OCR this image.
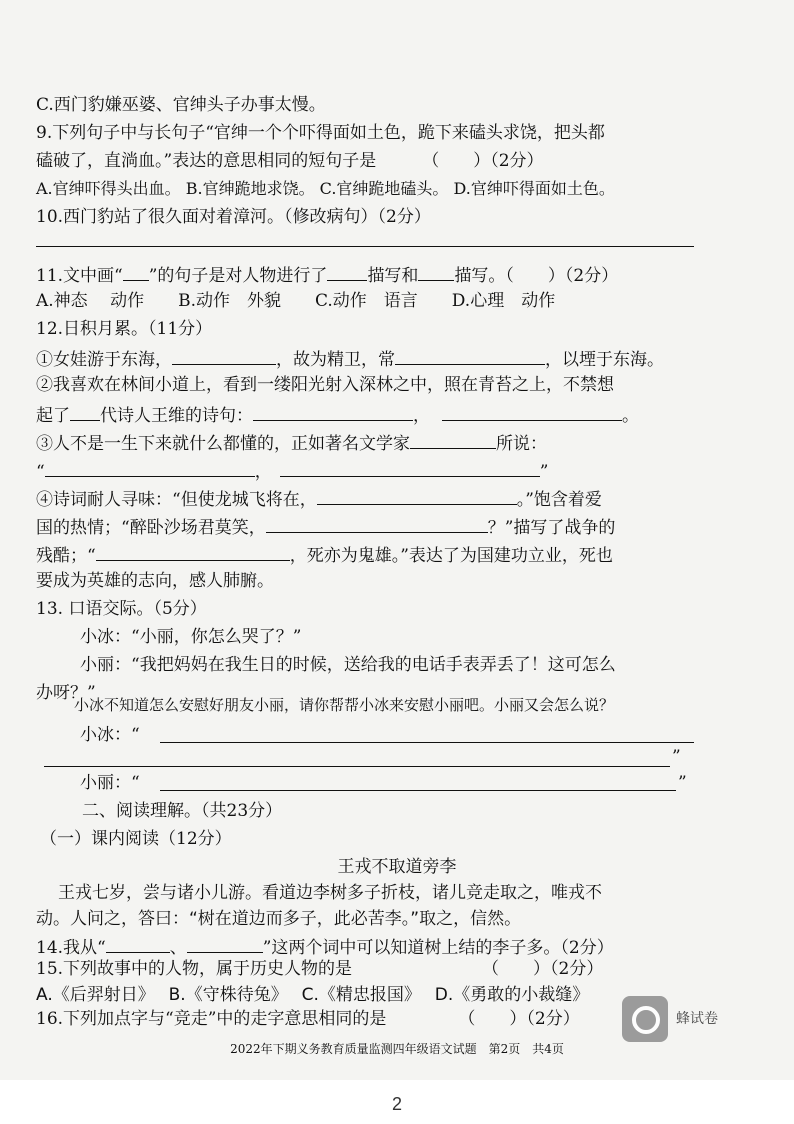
C.西门豹嫌巫婆、官绅头子办事太慢。
9.下列句子中与长句子“官绅一个个吓得面如土色，跪下来磕头求饶，把头都
磕破了，直淌血。”表达的意思相同的短句子是	（　　）（2分）
A.官绅吓得头出血。 B.官绅跪地求饶。 C.官绅跪地磕头。 D.官绅吓得面如土色。
10.西门豹站了很久面对着漳河。（修改病句）（2分）
11.文中画“ ”的句子是对人物进行了 描写和 描写。（　　）（2分）
A.神态　 动作　　B.动作　外貌　　C.动作　语言　　D.心理　动作
12.日积月累。（11分）
①女娃游于东海，	，故为精卫，常	，以堙于东海。
②我喜欢在林间小道上，看到一缕阳光射入深林之中，照在青苔之上，不禁想
起了 代诗人王维的诗句：	，	。
③人不是一生下来就什么都懂的，正如著名文学家	所说：
“	，	”
④诗词耐人寻味：“但使龙城飞将在，	。”饱含着爱
国的热情；“醉卧沙场君莫笑，	？”描写了战争的
残酷；“	，死亦为鬼雄。”表达了为国建功立业，死也
要成为英雄的志向，感人肺腑。
13. 口语交际。（5分）
小冰：“小丽，你怎么哭了？”
小丽：“我把妈妈在我生日的时候，送给我的电话手表弄丢了！这可怎么
办呀？”
小冰不知道怎么安慰好朋友小丽，请你帮帮小冰来安慰小丽吧。小丽又会怎么说？
小冰：“
”
小丽：“	”
二、阅读理解。（共23分）
（一）课内阅读（12分）
王戎不取道旁李
王戎七岁，尝与诸小儿游。看道边李树多子折枝，诸儿竞走取之，唯戎不
动。人问之，答曰：“树在道边而多子，此必苦李。”取之，信然。
14.我从“	、	”这两个词中可以知道树上结的李子多。（2分）
15.下列故事中的人物，属于历史人物的是	（　　）（2分）
A.《后羿射日》　 B.《守株待兔》　 C.《精忠报国》　 D.《勇敢的小裁缝》
16.下列加点字与“竞走”中的走字意思相同的是	（　　）（2分）	蜂试卷
2022年下期义务教育质量监测四年级语文试题　第2页　共4页
2
